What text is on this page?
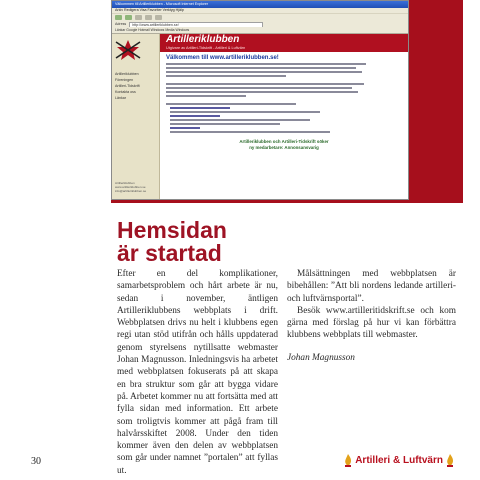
Välkommen till Artilleriklubben - Microsoft Internet Explorer
Arkiv Redigera Visa Favoriter Verktyg Hjälp
Adress	http://www.artilleriklubben.se/
Länkar Google Hotmail Windows Media Windows
Artilleriklubben
Föreningen
Artilleri-Tidskrift
Kontakta oss
Länkar
Artilleriklubben www.artilleriklubben.se info@artilleriklubben.se
Artilleriklubben
Utgivare av Artilleri-Tidskrift - Artilleri & Luftvärn
Välkommen till www.artilleriklubben.se!
Artilleriklubben och Artilleri-Tidskrift söker ny medarbetare: Annonsansvarig
Hemsidan
är startad

Efter en del komplikationer, samarbetsproblem och hårt arbete är nu, sedan i november, äntligen Artilleriklubbens webbplats i drift. Webbplatsen drivs nu helt i klubbens egen regi utan stöd utifrån och hålls uppdaterad genom styrelsens nytillsatte webmaster Johan Magnusson. Inledningsvis ha arbetet med webbplatsen fokuserats på att skapa en bra struktur som går att bygga vidare på. Arbetet kommer nu att fortsätta med att fylla sidan med information. Ett arbete som troligtvis kommer att pågå fram till halvårsskiftet 2008. Under den tiden kommer även den delen av webbplatsen som går under namnet ”portalen” att fyllas ut.

Målsättningen med webbplatsen är bibehållen: ”Att bli nordens ledande artilleri- och luftvärnsportal”.

Besök www.artilleritidskrift.se och kom gärna med förslag på hur vi kan förbättra klubbens webbplats till webmaster.

Johan Magnusson

30	Artilleri & Luftvärn
